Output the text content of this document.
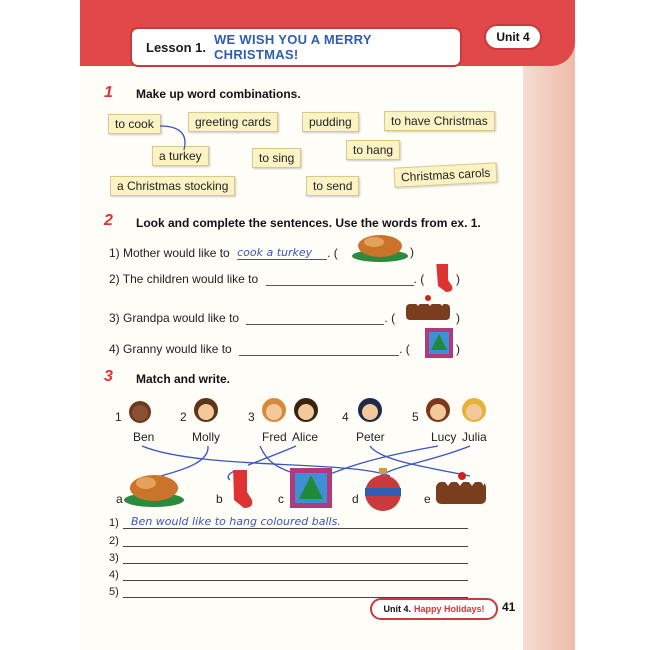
Lesson 1. WE WISH YOU A MERRY CHRISTMAS!
Unit 4
1	Make up word combinations.
to cook	greeting cards	pudding	to have Christmas
a turkey	to sing
to hang
a Christmas stocking	to send
Christmas carols
2	Look and complete the sentences. Use the words from ex. 1.
1) Mother would like to cook a turkey . (	)
2) The children would like to	. (	)
3) Grandpa would like to	. (	)
4) Granny would like to	. (	)
3	Match and write.
1
Ben
2
Molly
3
Fred Alice
4
Peter
5
Lucy Julia
a	b	c	d	e
1) Ben would like to hang coloured balls.
2)
3)
4)
5)
Unit 4. Happy Holidays! 41
